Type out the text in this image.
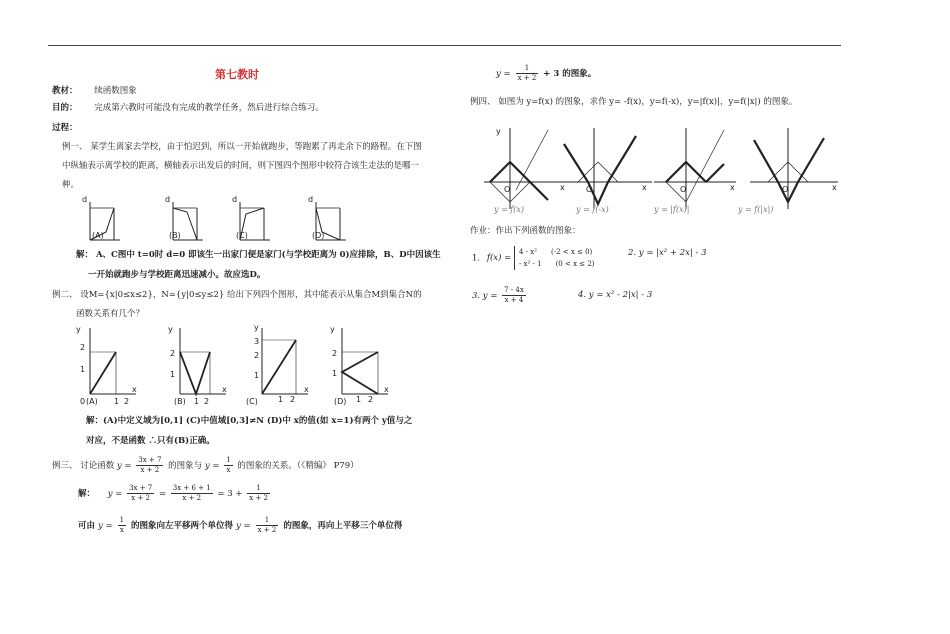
第七教时
教材： 续函数图象
目的： 完成第六教时可能没有完成的教学任务，然后进行综合练习。
过程：
例一、 某学生离家去学校，由于怕迟到，所以一开始就跑步，等跑累了再走余下的路程。在下图
中纵轴表示离学校的距离，横轴表示出发后的时间，则下图四个图形中较符合该生走法的是哪一
种。
d
(A)
d
(B)
d
(C)
d
(D)
解： A、C图中 t=0时 d=0 即该生一出家门便是家门(与学校距离为 0)应排除，B、D中因该生
一开始就跑步与学校距离迅速减小。故应选D。
例二、 设M={x|0≤x≤2}，N={y|0≤y≤2} 给出下列四个图形，其中能表示从集合M到集合N的
函数关系有几个？
y
x
2
1
1 2
0 (A)
y
x
2
1
1 2
(B)
y
x
3
2
1
1 2
(C)
y
x
2
1
1 2
(D)
解：(A)中定义域为[0,1] (C)中值域[0,3]≠N (D)中 x的值(如 x=1)有两个 y值与之
对应，不是函数 ∴只有(B)正确。
例三、 讨论函数 $y = \frac{3x + 7}{x + 2}$ 的图象与 $y = \frac{1}{x}$ 的图象的关系。（《精编》 P79）
解： $y = \frac{3x + 7}{x + 2} = \frac{3x + 6 + 1}{x + 2} = 3 + \frac{1}{x + 2}$
可由 $y = \frac{1}{x}$ 的图象向左平移两个单位得 $y = \frac{1}{x + 2}$ 的图象，再向上平移三个单位得
$y = \frac{1}{x + 2} + 3$ 的图象。
例四、 如图为 y=f(x) 的图象，求作 y= -f(x)，y=f(-x)，y=|f(x)|，y=f(|x|) 的图象。
y
x
O
y = f(x)
x
O
y = f(-x)
x
O
y = |f(x)|
x
O
y = f(|x|)
作业：作出下列函数的图象：
1. f(x) = 4 - x² (-2 < x ≤ 0)
- x² - 1 (0 < x ≤ 2)
2. y = |x² + 2x| - 3
3. $y = \frac{7 - 4x}{x + 4}$	4. y = x² - 2|x| - 3
